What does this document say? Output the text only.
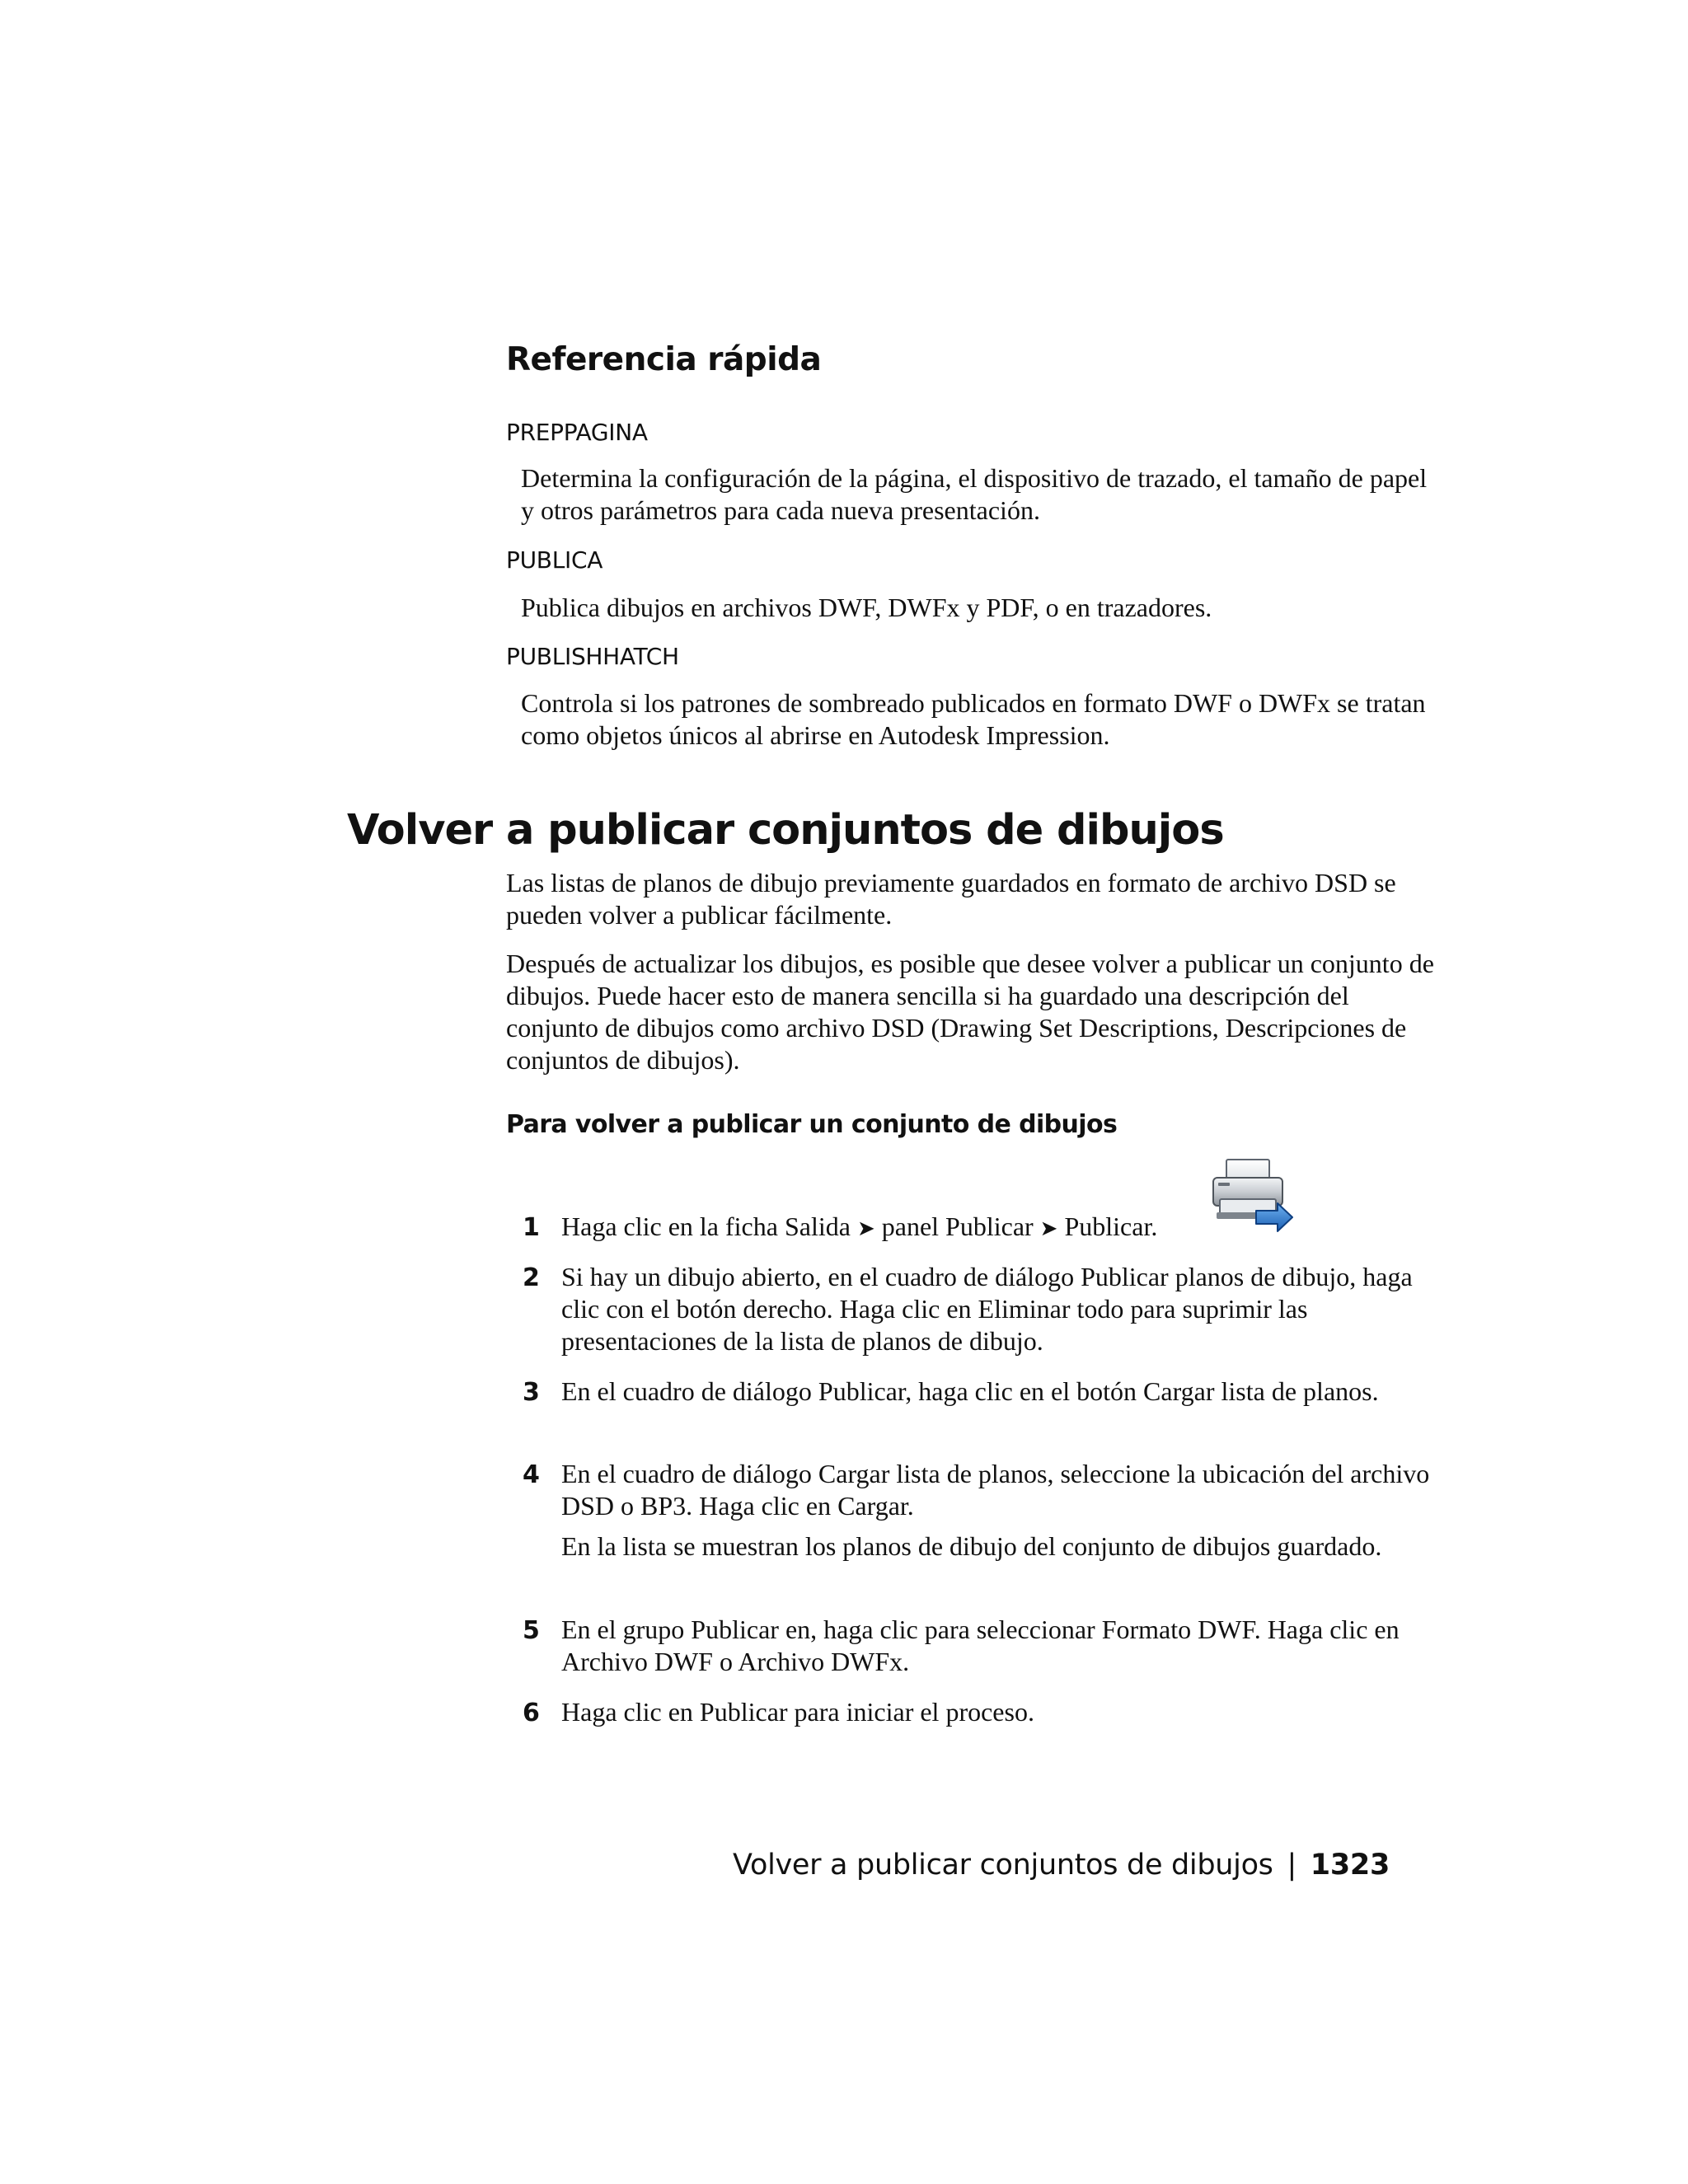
Referencia rápida
PREPPAGINA
Determina la configuración de la página, el dispositivo de trazado, el tamaño de papel y otros parámetros para cada nueva presentación.
PUBLICA
Publica dibujos en archivos DWF, DWFx y PDF, o en trazadores.
PUBLISHHATCH
Controla si los patrones de sombreado publicados en formato DWF o DWFx se tratan como objetos únicos al abrirse en Autodesk Impression.
Volver a publicar conjuntos de dibujos
Las listas de planos de dibujo previamente guardados en formato de archivo DSD se pueden volver a publicar fácilmente.
Después de actualizar los dibujos, es posible que desee volver a publicar un conjunto de dibujos. Puede hacer esto de manera sencilla si ha guardado una descripción del conjunto de dibujos como archivo DSD (Drawing Set Descriptions, Descripciones de conjuntos de dibujos).
Para volver a publicar un conjunto de dibujos
1 Haga clic en la ficha Salida ➤ panel Publicar ➤ Publicar.
2 Si hay un dibujo abierto, en el cuadro de diálogo Publicar planos de dibujo, haga clic con el botón derecho. Haga clic en Eliminar todo para suprimir las presentaciones de la lista de planos de dibujo.
3 En el cuadro de diálogo Publicar, haga clic en el botón Cargar lista de planos.
4 En el cuadro de diálogo Cargar lista de planos, seleccione la ubicación del archivo DSD o BP3. Haga clic en Cargar.
En la lista se muestran los planos de dibujo del conjunto de dibujos guardado.
5 En el grupo Publicar en, haga clic para seleccionar Formato DWF. Haga clic en Archivo DWF o Archivo DWFx.
6 Haga clic en Publicar para iniciar el proceso.
Volver a publicar conjuntos de dibujos | 1323
